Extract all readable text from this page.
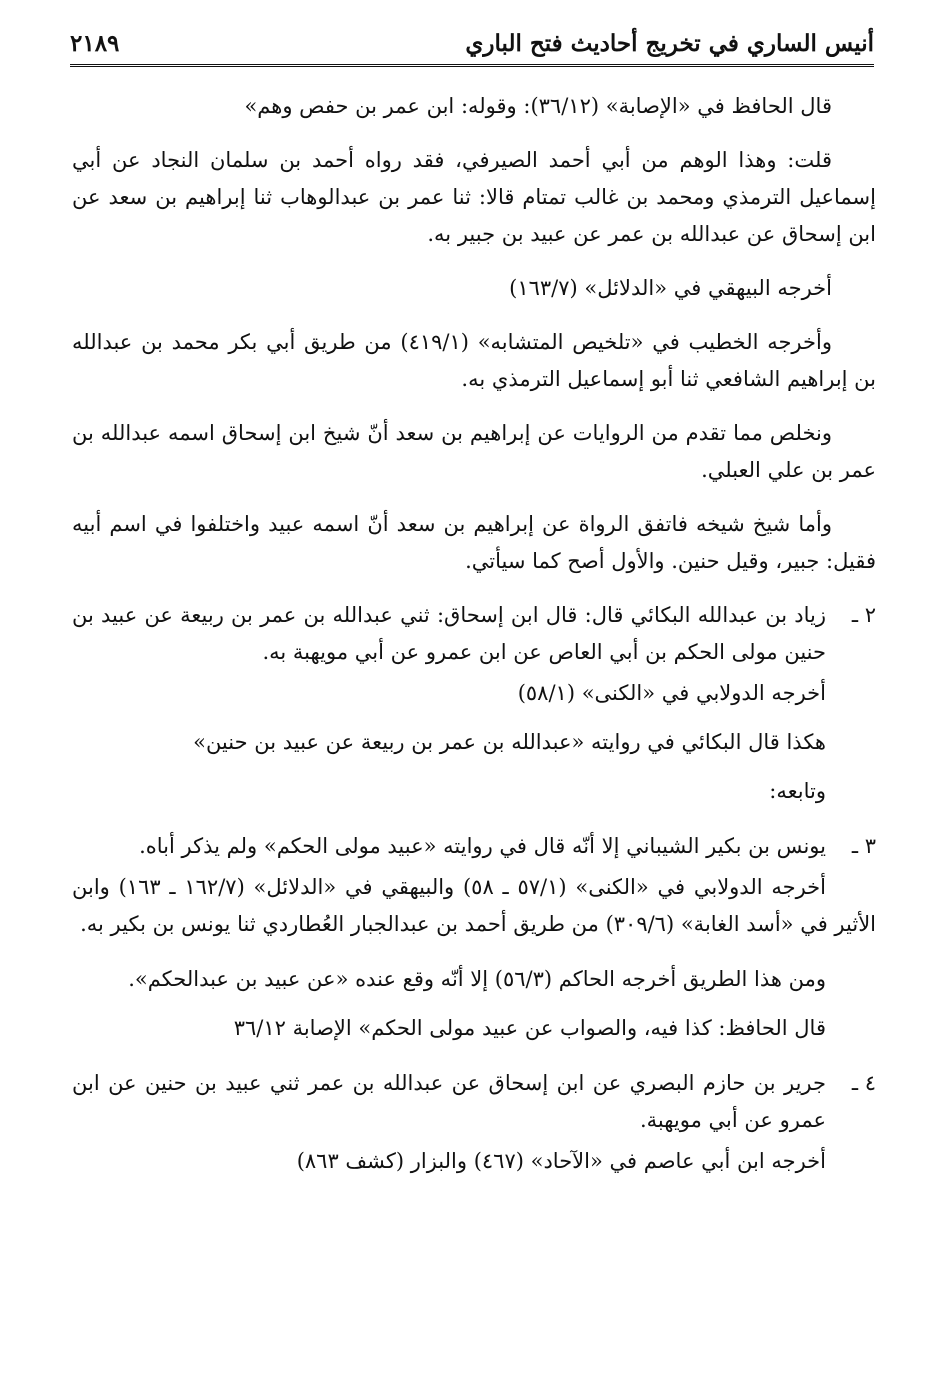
أنيس الساري في تخريج أحاديث فتح الباري
٢١٨٩

قال الحافظ في «الإصابة» (٣٦/١٢): وقوله: ابن عمر بن حفص وهم»

قلت: وهذا الوهم من أبي أحمد الصيرفي، فقد رواه أحمد بن سلمان النجاد عن أبي إسماعيل الترمذي ومحمد بن غالب تمتام قالا: ثنا عمر بن عبدالوهاب ثنا إبراهيم بن سعد عن ابن إسحاق عن عبدالله بن عمر عن عبيد بن جبير به.

أخرجه البيهقي في «الدلائل» (١٦٣/٧)

وأخرجه الخطيب في «تلخيص المتشابه» (٤١٩/١) من طريق أبي بكر محمد بن عبدالله بن إبراهيم الشافعي ثنا أبو إسماعيل الترمذي به.

ونخلص مما تقدم من الروايات عن إبراهيم بن سعد أنّ شيخ ابن إسحاق اسمه عبدالله بن عمر بن علي العبلي.

وأما شيخ شيخه فاتفق الرواة عن إبراهيم بن سعد أنّ اسمه عبيد واختلفوا في اسم أبيه فقيل: جبير، وقيل حنين. والأول أصح كما سيأتي.

٢ ـ
زياد بن عبدالله البكائي قال: قال ابن إسحاق: ثني عبدالله بن عمر بن ربيعة عن عبيد بن حنين مولى الحكم بن أبي العاص عن ابن عمرو عن أبي مويهبة به.

أخرجه الدولابي في «الكنى» (٥٨/١)

هكذا قال البكائي في روايته «عبدالله بن عمر بن ربيعة عن عبيد بن حنين»

وتابعه:

٣ ـ
يونس بن بكير الشيباني إلا أنّه قال في روايته «عبيد مولى الحكم» ولم يذكر أباه.

أخرجه الدولابي في «الكنى» (٥٧/١ ـ ٥٨) والبيهقي في «الدلائل» (١٦٢/٧ ـ ١٦٣) وابن الأثير في «أسد الغابة» (٣٠٩/٦) من طريق أحمد بن عبدالجبار العُطاردي ثنا يونس بن بكير به.

ومن هذا الطريق أخرجه الحاكم (٥٦/٣) إلا أنّه وقع عنده «عن عبيد بن عبدالحكم».

قال الحافظ: كذا فيه، والصواب عن عبيد مولى الحكم» الإصابة ٣٦/١٢

٤ ـ
جرير بن حازم البصري عن ابن إسحاق عن عبدالله بن عمر ثني عبيد بن حنين عن ابن عمرو عن أبي مويهبة.

أخرجه ابن أبي عاصم في «الآحاد» (٤٦٧) والبزار (كشف ٨٦٣)
